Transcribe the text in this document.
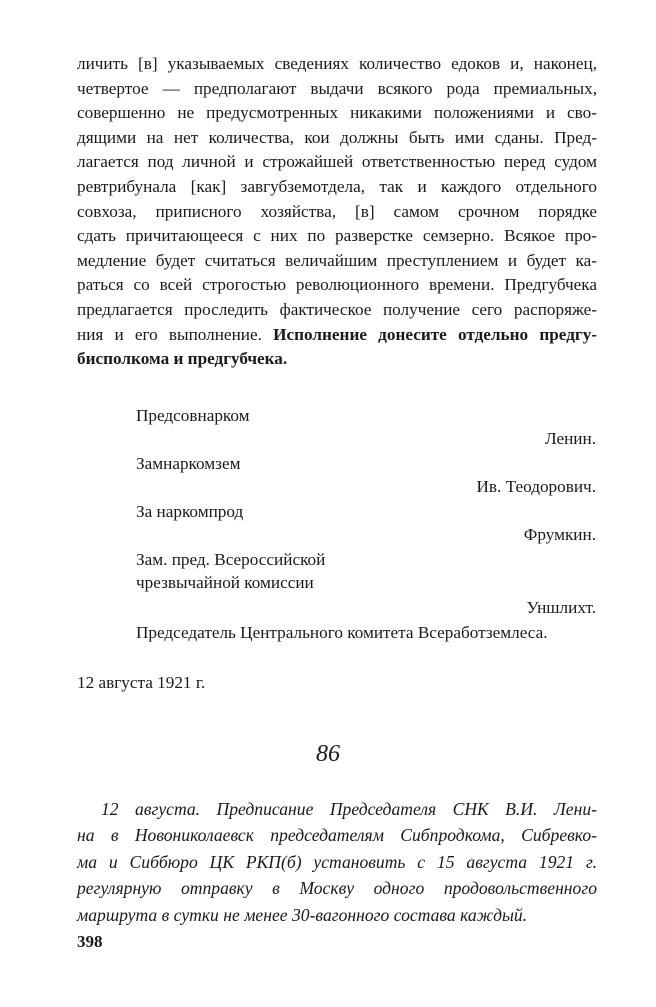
личить [в] указываемых сведениях количество едоков и, наконец,
четвертое — предполагают выдачи всякого рода премиальных,
совершенно не предусмотренных никакими положениями и сво-
дящими на нет количества, кои должны быть ими сданы. Пред-
лагается под личной и строжайшей ответственностью перед судом
ревтрибунала [как] завгубземотдела, так и каждого отдельного
совхоза, приписного хозяйства, [в] самом срочном порядке
сдать причитающееся с них по разверстке семзерно. Всякое про-
медление будет считаться величайшим преступлением и будет ка-
раться со всей строгостью революционного времени. Предгубчека
предлагается проследить фактическое получение сего распоряже-
ния и его выполнение. Исполнение донесите отдельно предгу-
бисполкома и предгубчека.
Предсовнарком
Ленин.
Замнаркомзем
Ив. Теодорович.
За наркомпрод
Фрумкин.
Зам. пред. Всероссийской
чрезвычайной комиссии
Уншлихт.
Председатель Центрального комитета Всеработземлеса.
12 августа 1921 г.
86
12 августа. Предписание Председателя СНК В.И. Лени-
на в Новониколаевск председателям Сибпродкома, Сибревко-
ма и Сиббюро ЦК РКП(б) установить с 15 августа 1921 г.
регулярную отправку в Москву одного продовольственного
маршрута в сутки не менее 30-вагонного состава каждый.
398
